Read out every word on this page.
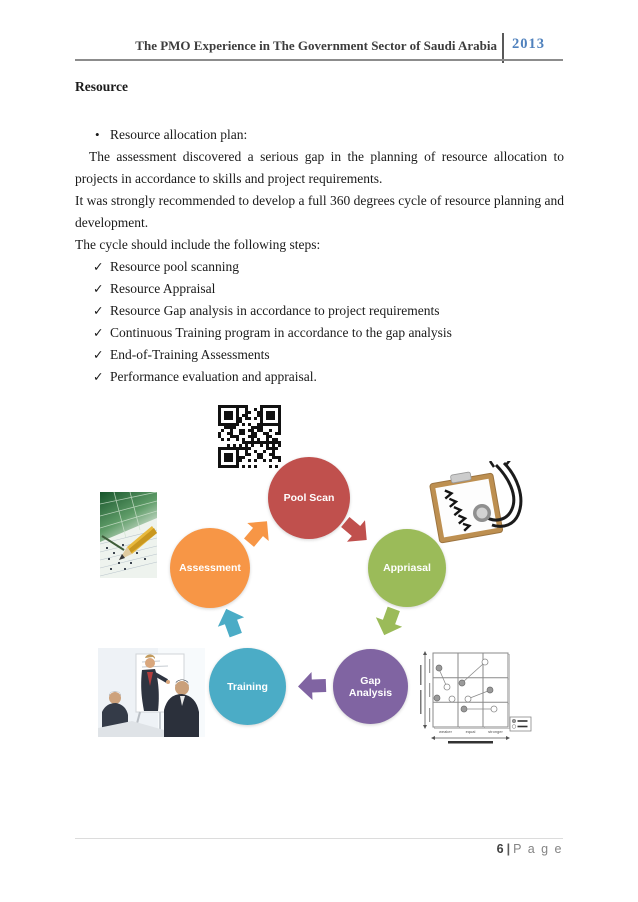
The PMO Experience in The Government Sector of Saudi Arabia 2013
Resource
• Resource allocation plan:

The assessment discovered a serious gap in the planning of resource allocation to projects in accordance to skills and project requirements.

It was strongly recommended to develop a full 360 degrees cycle of resource planning and development.

The cycle should include the following steps:

✓ Resource pool scanning
✓ Resource Appraisal
✓ Resource Gap analysis in accordance to project requirements
✓ Continuous Training program in accordance to the gap analysis
✓ End-of-Training Assessments
✓ Performance evaluation and appraisal.
Pool Scan
Assessment	Appriasal
Training	Gap Analysis
weaker	equal	stronger
6 | P a g e
